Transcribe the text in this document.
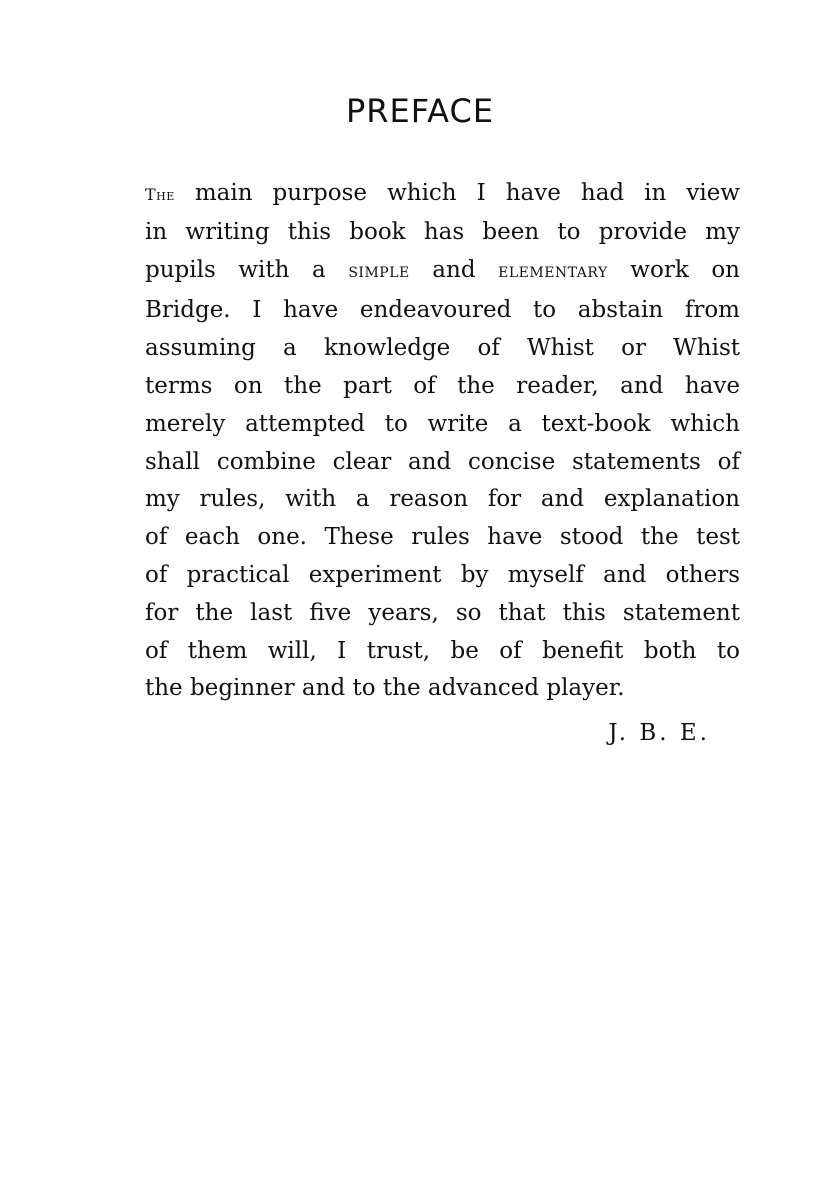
PREFACE
The main purpose which I have had in view
in writing this book has been to provide my
pupils with a SIMPLE and ELEMENTARY work on
Bridge. I have endeavoured to abstain from
assuming a knowledge of Whist or Whist
terms on the part of the reader, and have
merely attempted to write a text-book which
shall combine clear and concise statements of
my rules, with a reason for and explanation
of each one. These rules have stood the test
of practical experiment by myself and others
for the last five years, so that this statement
of them will, I trust, be of benefit both to
the beginner and to the advanced player.
J. B. E.
